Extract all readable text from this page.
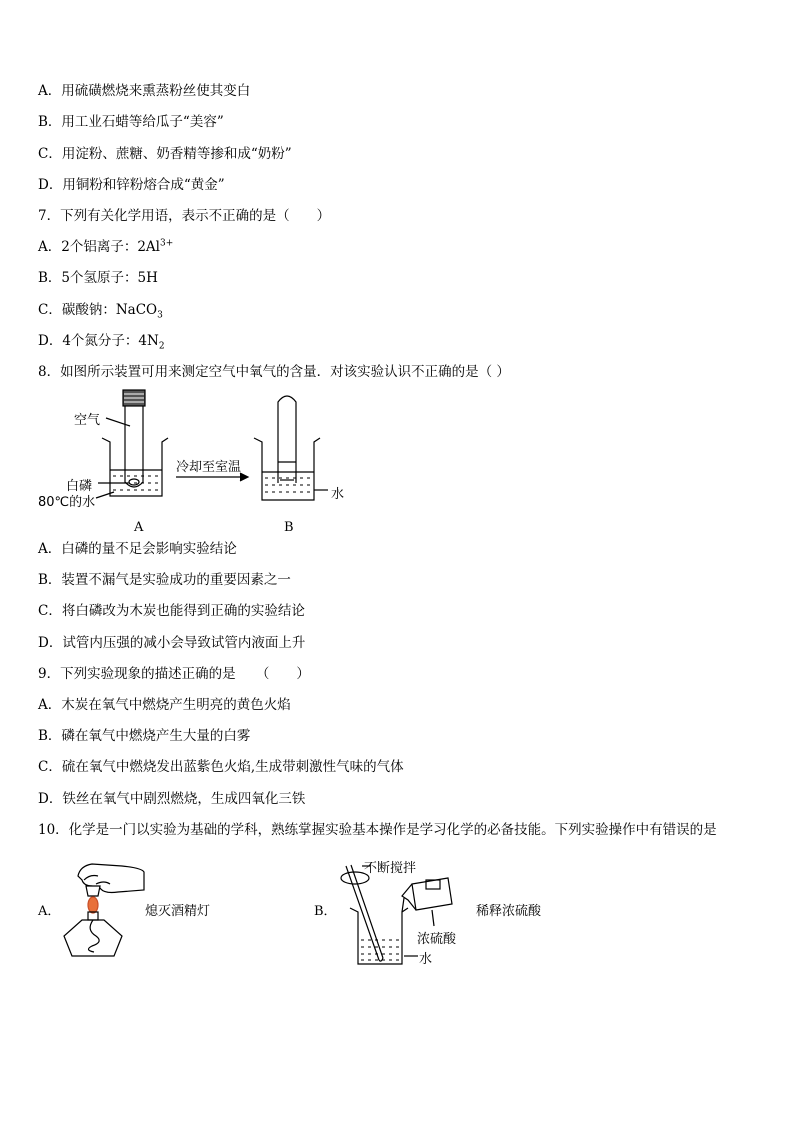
A．用硫磺燃烧来熏蒸粉丝使其变白
B．用工业石蜡等给瓜子“美容”
C．用淀粉、蔗糖、奶香精等掺和成“奶粉”
D．用铜粉和锌粉熔合成“黄金”
7．下列有关化学用语，表示不正确的是（　　）
A．2个铝离子：$2Al^{3+}$
B．5个氢原子：5H
C．碳酸钠：NaCO$_3$
D．4个氮分子：$4N_2$
8．如图所示装置可用来测定空气中氧气的含量．对该实验认识不正确的是（ ）
空气
白磷
80℃的水
冷却至室温
水
A	B
A．白磷的量不足会影响实验结论
B．装置不漏气是实验成功的重要因素之一
C．将白磷改为木炭也能得到正确的实验结论
D．试管内压强的减小会导致试管内液面上升
9．下列实验现象的描述正确的是　　（　　）
A．木炭在氧气中燃烧产生明亮的黄色火焰
B．磷在氧气中燃烧产生大量的白雾
C．硫在氧气中燃烧发出蓝紫色火焰,生成带刺激性气味的气体
D．铁丝在氧气中剧烈燃烧，生成四氧化三铁
10．化学是一门以实验为基础的学科，熟练掌握实验基本操作是学习化学的必备技能。下列实验操作中有错误的是
A．	熄灭酒精灯	B．
不断搅拌
稀释浓硫酸
浓硫酸
水
